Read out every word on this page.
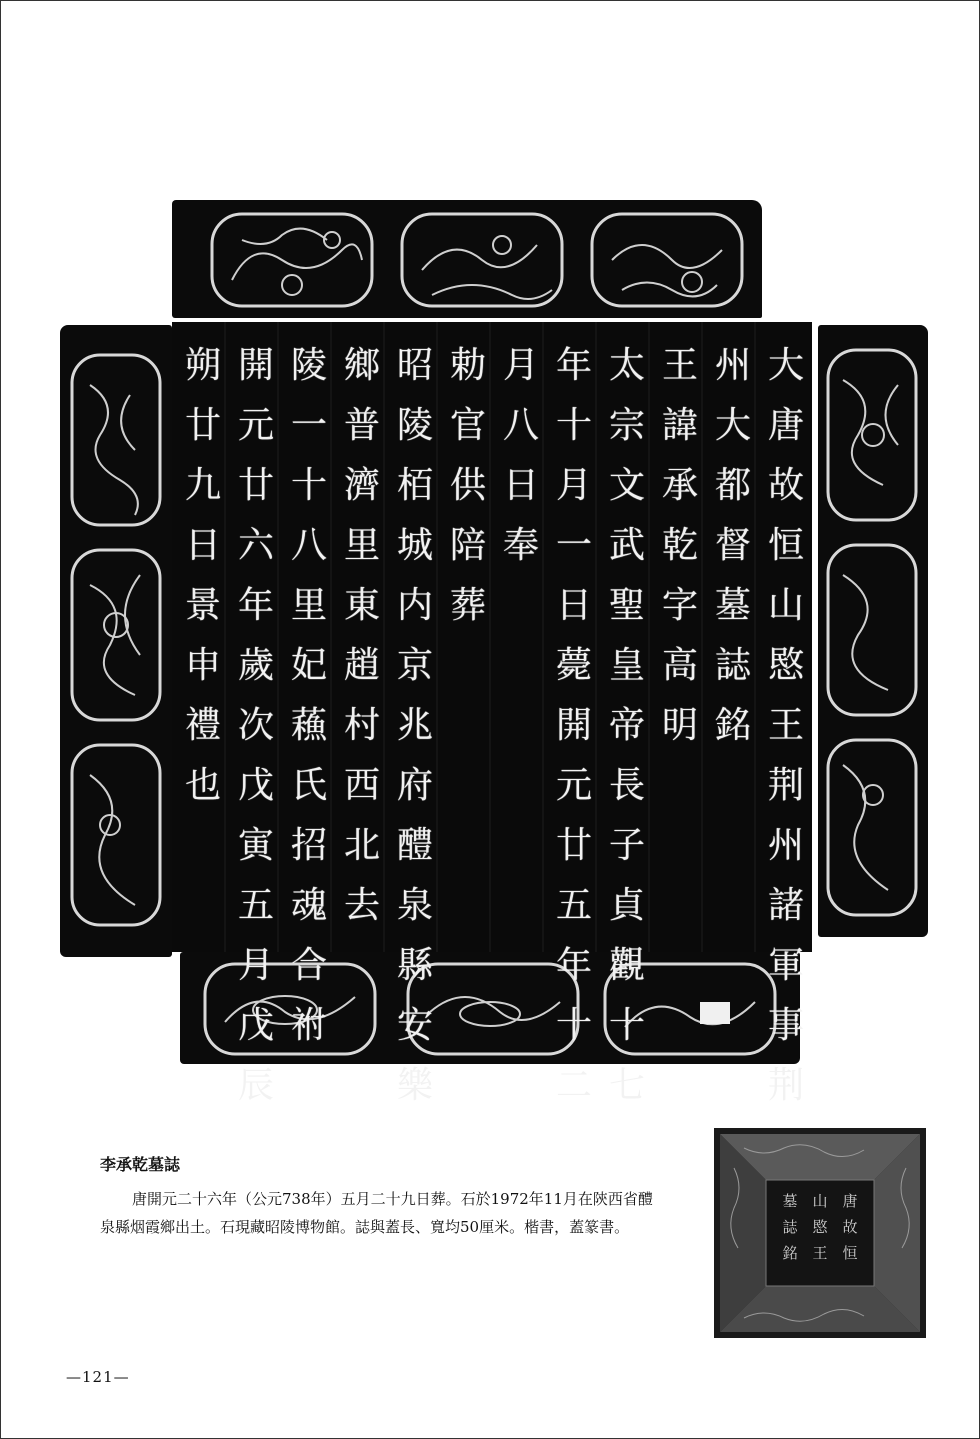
大
唐
故
恒
山
愍
王
荆
州
諸
軍
事
荆
州
大
都
督
墓
誌
銘
王
諱
承
乾
字
高
明
太
宗
文
武
聖
皇
帝
長
子
貞
觀
十
七
年
十
月
一
日
薨
開
元
廿
五
年
十
二
月
八
日
奉
勅
官
供
陪
葬
昭
陵
栢
城
内
京
兆
府
醴
泉
縣
安
樂
鄉
普
濟
里
東
趙
村
西
北
去
陵
一
十
八
里
妃
蘓
氏
招
魂
合
祔
開
元
廿
六
年
歲
次
戊
寅
五
月
戊
辰
朔
廿
九
日
景
申
禮
也

李承乾墓誌

唐開元二十六年（公元738年）五月二十九日葬。石於1972年11月在陝西省醴泉縣烟霞鄉出土。石現藏昭陵博物館。誌與蓋長、寬均50厘米。楷書，蓋篆書。

唐
故
恒
山
愍
王
墓
誌
銘
—121—
